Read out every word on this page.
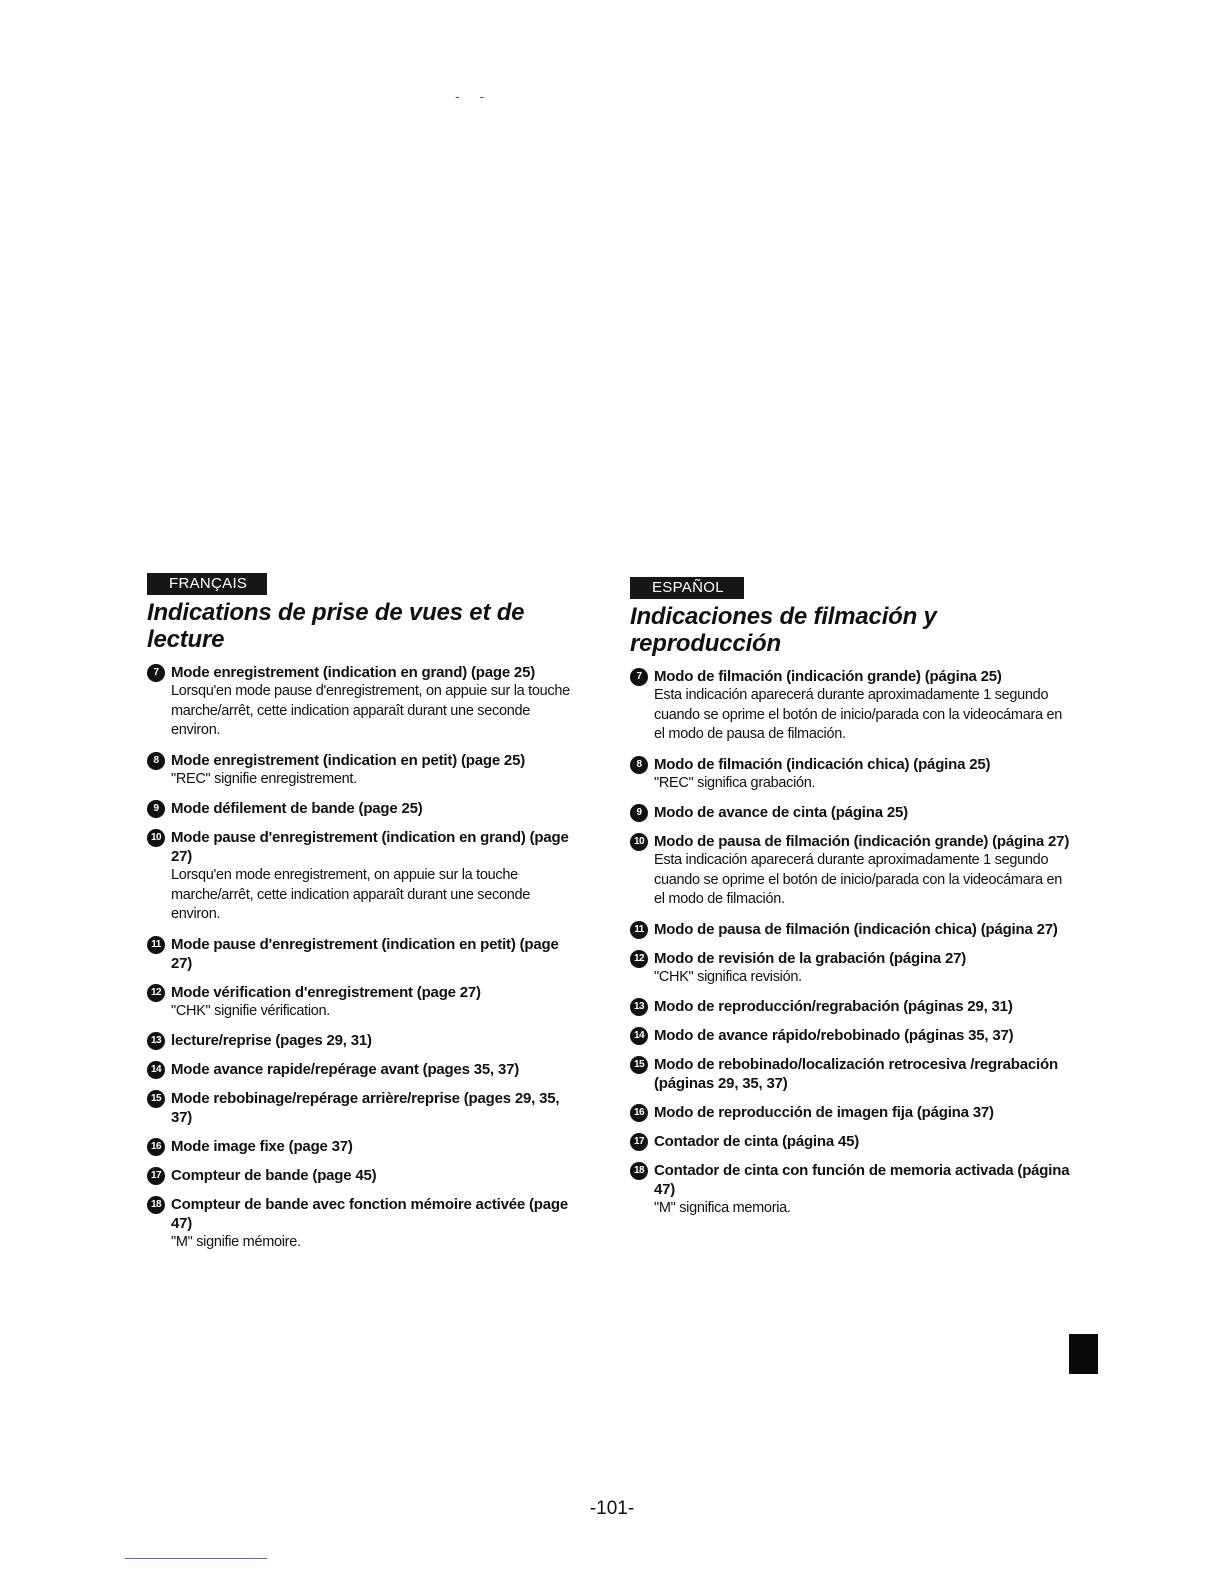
- -
FRANÇAIS
Indications de prise de vues et de lecture
7 Mode enregistrement (indication en grand) (page 25)
Lorsqu'en mode pause d'enregistrement, on appuie sur la touche marche/arrêt, cette indication apparaît durant une seconde environ.
8 Mode enregistrement (indication en petit) (page 25)
"REC" signifie enregistrement.
9 Mode défilement de bande (page 25)
10 Mode pause d'enregistrement (indication en grand) (page 27)
Lorsqu'en mode enregistrement, on appuie sur la touche marche/arrêt, cette indication apparaît durant une seconde environ.
11 Mode pause d'enregistrement (indication en petit) (page 27)
12 Mode vérification d'enregistrement (page 27)
"CHK" signifie vérification.
13 lecture/reprise (pages 29, 31)
14 Mode avance rapide/repérage avant (pages 35, 37)
15 Mode rebobinage/repérage arrière/reprise (pages 29, 35, 37)
16 Mode image fixe (page 37)
17 Compteur de bande (page 45)
18 Compteur de bande avec fonction mémoire activée (page 47)
"M" signifie mémoire.
ESPAÑOL
Indicaciones de filmación y reproducción
7 Modo de filmación (indicación grande) (página 25)
Esta indicación aparecerá durante aproximadamente 1 segundo cuando se oprime el botón de inicio/parada con la videocámara en el modo de pausa de filmación.
8 Modo de filmación (indicación chica) (página 25)
"REC" significa grabación.
9 Modo de avance de cinta (página 25)
10 Modo de pausa de filmación (indicación grande) (página 27)
Esta indicación aparecerá durante aproximadamente 1 segundo cuando se oprime el botón de inicio/parada con la videocámara en el modo de filmación.
11 Modo de pausa de filmación (indicación chica) (página 27)
12 Modo de revisión de la grabación (página 27)
"CHK" significa revisión.
13 Modo de reproducción/regrabación (páginas 29, 31)
14 Modo de avance rápido/rebobinado (páginas 35, 37)
15 Modo de rebobinado/localización retrocesiva /regrabación (páginas 29, 35, 37)
16 Modo de reproducción de imagen fija (página 37)
17 Contador de cinta (página 45)
18 Contador de cinta con función de memoria activada (página 47)
"M" significa memoria.
-101-
